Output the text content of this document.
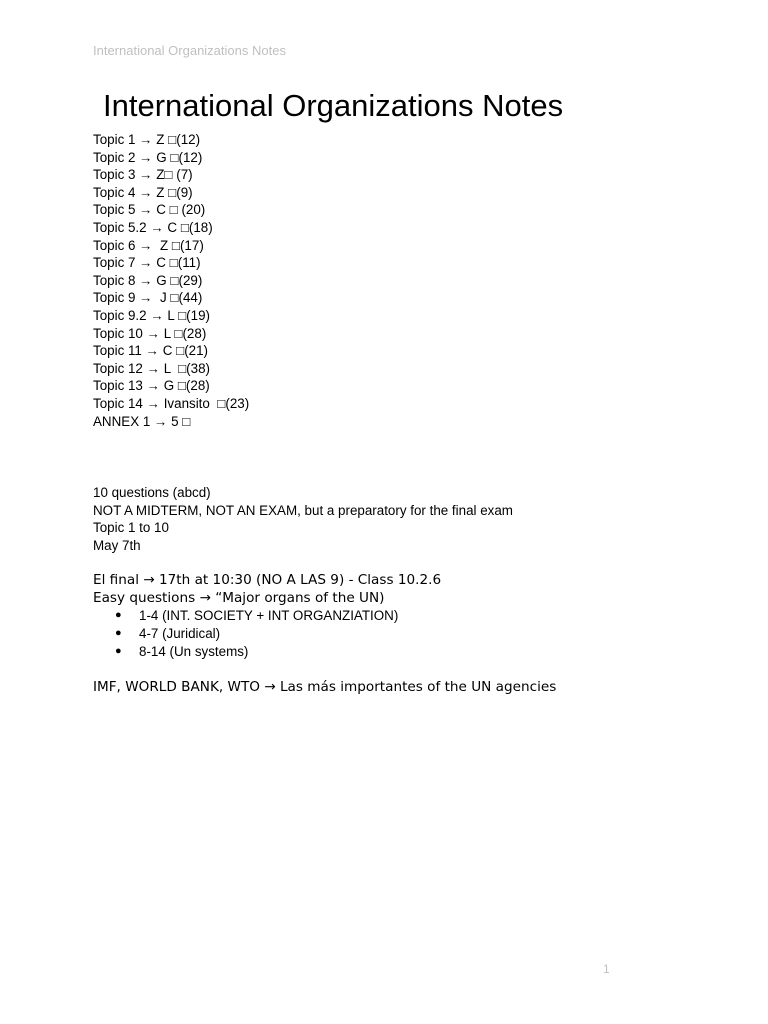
International Organizations Notes
International Organizations Notes
Topic 1 → Z □(12)
Topic 2 → G □(12)
Topic 3 → Z□ (7)
Topic 4 → Z □(9)
Topic 5 → C □ (20)
Topic 5.2 → C □(18)
Topic 6 →  Z □(17)
Topic 7 → C □(11)
Topic 8 → G □(29)
Topic 9 →  J □(44)
Topic 9.2 → L □(19)
Topic 10 → L □(28)
Topic 11 → C □(21)
Topic 12 → L  □(38)
Topic 13 → G □(28)
Topic 14 → Ivansito  □(23)
ANNEX 1 → 5 □
10 questions (abcd)
NOT A MIDTERM, NOT AN EXAM, but a preparatory for the final exam
Topic 1 to 10
May 7th
El final → 17th at 10:30 (NO A LAS 9) - Class 10.2.6
Easy questions → “Major organs of the UN)
● 1-4 (INT. SOCIETY + INT ORGANZIATION)
● 4-7 (Juridical)
● 8-14 (Un systems)
IMF, WORLD BANK, WTO → Las más importantes of the UN agencies
1
